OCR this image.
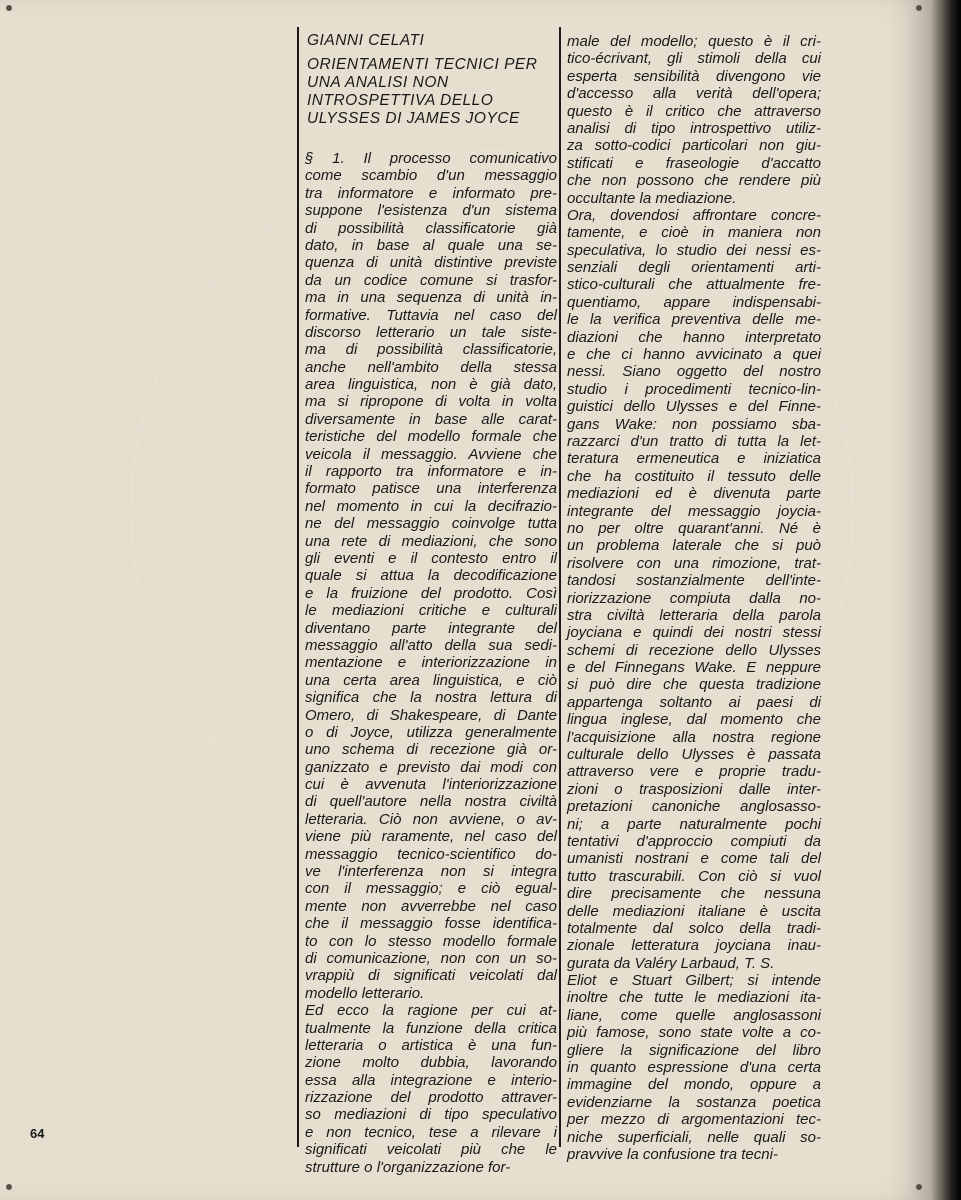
GIANNI CELATI
ORIENTAMENTI TECNICI PER
UNA ANALISI NON
INTROSPETTIVA DELLO
ULYSSES DI JAMES JOYCE
§ 1. Il processo comunicativo
come scambio d'un messaggio
tra informatore e informato pre-
suppone l'esistenza d'un sistema
di possibilità classificatorie già
dato, in base al quale una se-
quenza di unità distintive previste
da un codice comune si trasfor-
ma in una sequenza di unità in-
formative. Tuttavia nel caso del
discorso letterario un tale siste-
ma di possibilità classificatorie,
anche nell'ambito della stessa
area linguistica, non è già dato,
ma si ripropone di volta in volta
diversamente in base alle carat-
teristiche del modello formale che
veicola il messaggio. Avviene che
il rapporto tra informatore e in-
formato patisce una interferenza
nel momento in cui la decifrazio-
ne del messaggio coinvolge tutta
una rete di mediazioni, che sono
gli eventi e il contesto entro il
quale si attua la decodificazione
e la fruizione del prodotto. Così
le mediazioni critiche e culturali
diventano parte integrante del
messaggio all'atto della sua sedi-
mentazione e interiorizzazione in
una certa area linguistica, e ciò
significa che la nostra lettura di
Omero, di Shakespeare, di Dante
o di Joyce, utilizza generalmente
uno schema di recezione già or-
ganizzato e previsto dai modi con
cui è avvenuta l'interiorizzazione
di quell'autore nella nostra civiltà
letteraria. Ciò non avviene, o av-
viene più raramente, nel caso del
messaggio tecnico-scientifico do-
ve l'interferenza non si integra
con il messaggio; e ciò egual-
mente non avverrebbe nel caso
che il messaggio fosse identifica-
to con lo stesso modello formale
di comunicazione, non con un so-
vrappiù di significati veicolati dal
modello letterario.
Ed ecco la ragione per cui at-
tualmente la funzione della critica
letteraria o artistica è una fun-
zione molto dubbia, lavorando
essa alla integrazione e interio-
rizzazione del prodotto attraver-
so mediazioni di tipo speculativo
e non tecnico, tese a rilevare i
significati veicolati più che le
strutture o l'organizzazione for-
male del modello; questo è il cri-
tico-écrivant, gli stimoli della cui
esperta sensibilità divengono vie
d'accesso alla verità dell'opera;
questo è il critico che attraverso
analisi di tipo introspettivo utiliz-
za sotto-codici particolari non giu-
stificati e fraseologie d'accatto
che non possono che rendere più
occultante la mediazione.
Ora, dovendosi affrontare concre-
tamente, e cioè in maniera non
speculativa, lo studio dei nessi es-
senziali degli orientamenti arti-
stico-culturali che attualmente fre-
quentiamo, appare indispensabi-
le la verifica preventiva delle me-
diazioni che hanno interpretato
e che ci hanno avvicinato a quei
nessi. Siano oggetto del nostro
studio i procedimenti tecnico-lin-
guistici dello Ulysses e del Finne-
gans Wake: non possiamo sba-
razzarci d'un tratto di tutta la let-
teratura ermeneutica e iniziatica
che ha costituito il tessuto delle
mediazioni ed è divenuta parte
integrante del messaggio joycia-
no per oltre quarant'anni. Né è
un problema laterale che si può
risolvere con una rimozione, trat-
tandosi sostanzialmente dell'inte-
riorizzazione compiuta dalla no-
stra civiltà letteraria della parola
joyciana e quindi dei nostri stessi
schemi di recezione dello Ulysses
e del Finnegans Wake. E neppure
si può dire che questa tradizione
appartenga soltanto ai paesi di
lingua inglese, dal momento che
l'acquisizione alla nostra regione
culturale dello Ulysses è passata
attraverso vere e proprie tradu-
zioni o trasposizioni dalle inter-
pretazioni canoniche anglosasso-
ni; a parte naturalmente pochi
tentativi d'approccio compiuti da
umanisti nostrani e come tali del
tutto trascurabili. Con ciò si vuol
dire precisamente che nessuna
delle mediazioni italiane è uscita
totalmente dal solco della tradi-
zionale letteratura joyciana inau-
gurata da Valéry Larbaud, T. S.
Eliot e Stuart Gilbert; si intende
inoltre che tutte le mediazioni ita-
liane, come quelle anglosassoni
più famose, sono state volte a co-
gliere la significazione del libro
in quanto espressione d'una certa
immagine del mondo, oppure a
evidenziarne la sostanza poetica
per mezzo di argomentazioni tec-
niche superficiali, nelle quali so-
pravvive la confusione tra tecni-
64
